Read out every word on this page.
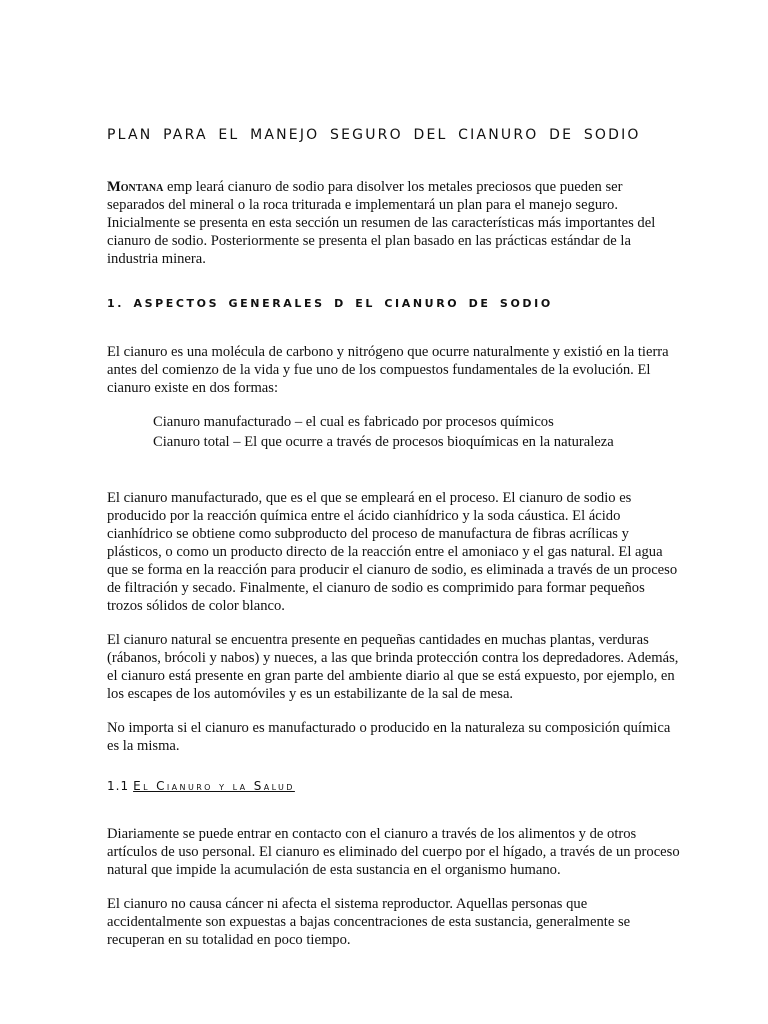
PLAN PARA EL MANEJO SEGURO DEL CIANURO DE SODIO

Montana emp leará cianuro de sodio para disolver los metales preciosos que pueden ser separados del mineral o la roca triturada e implementará un plan para el manejo seguro. Inicialmente se presenta en esta sección un resumen de las características más importantes del cianuro de sodio. Posteriormente se presenta el plan basado en las prácticas estándar de la industria minera.

1. ASPECTOS GENERALES D EL CIANURO DE SODIO

El cianuro es una molécula de carbono y nitrógeno que ocurre naturalmente y existió en la tierra antes del comienzo de la vida y fue uno de los compuestos fundamentales de la evolución. El cianuro existe en dos formas:

Cianuro manufacturado – el cual es fabricado por procesos químicos
Cianuro total – El que ocurre a través de procesos bioquímicas en la naturaleza

El cianuro manufacturado, que es el que se empleará en el proceso. El cianuro de sodio es producido por la reacción química entre el ácido cianhídrico y la soda cáustica. El ácido cianhídrico se obtiene como subproducto del proceso de manufactura de fibras acrílicas y plásticos, o como un producto directo de la reacción entre el amoniaco y el gas natural. El agua que se forma en la reacción para producir el cianuro de sodio, es eliminada a través de un proceso de filtración y secado. Finalmente, el cianuro de sodio es comprimido para formar pequeños trozos sólidos de color blanco.

El cianuro natural se encuentra presente en pequeñas cantidades en muchas plantas, verduras (rábanos, brócoli y nabos) y nueces, a las que brinda protección contra los depredadores. Además, el cianuro está presente en gran parte del ambiente diario al que se está expuesto, por ejemplo, en los escapes de los automóviles y es un estabilizante de la sal de mesa.

No importa si el cianuro es manufacturado o producido en la naturaleza su composición química es la misma.

1.1 El Cianuro y la Salud

Diariamente se puede entrar en contacto con el cianuro a través de los alimentos y de otros artículos de uso personal. El cianuro es eliminado del cuerpo por el hígado, a través de un proceso natural que impide la acumulación de esta sustancia en el organismo humano.

El cianuro no causa cáncer ni afecta el sistema reproductor. Aquellas personas que accidentalmente son expuestas a bajas concentraciones de esta sustancia, generalmente se recuperan en su totalidad en poco tiempo.
